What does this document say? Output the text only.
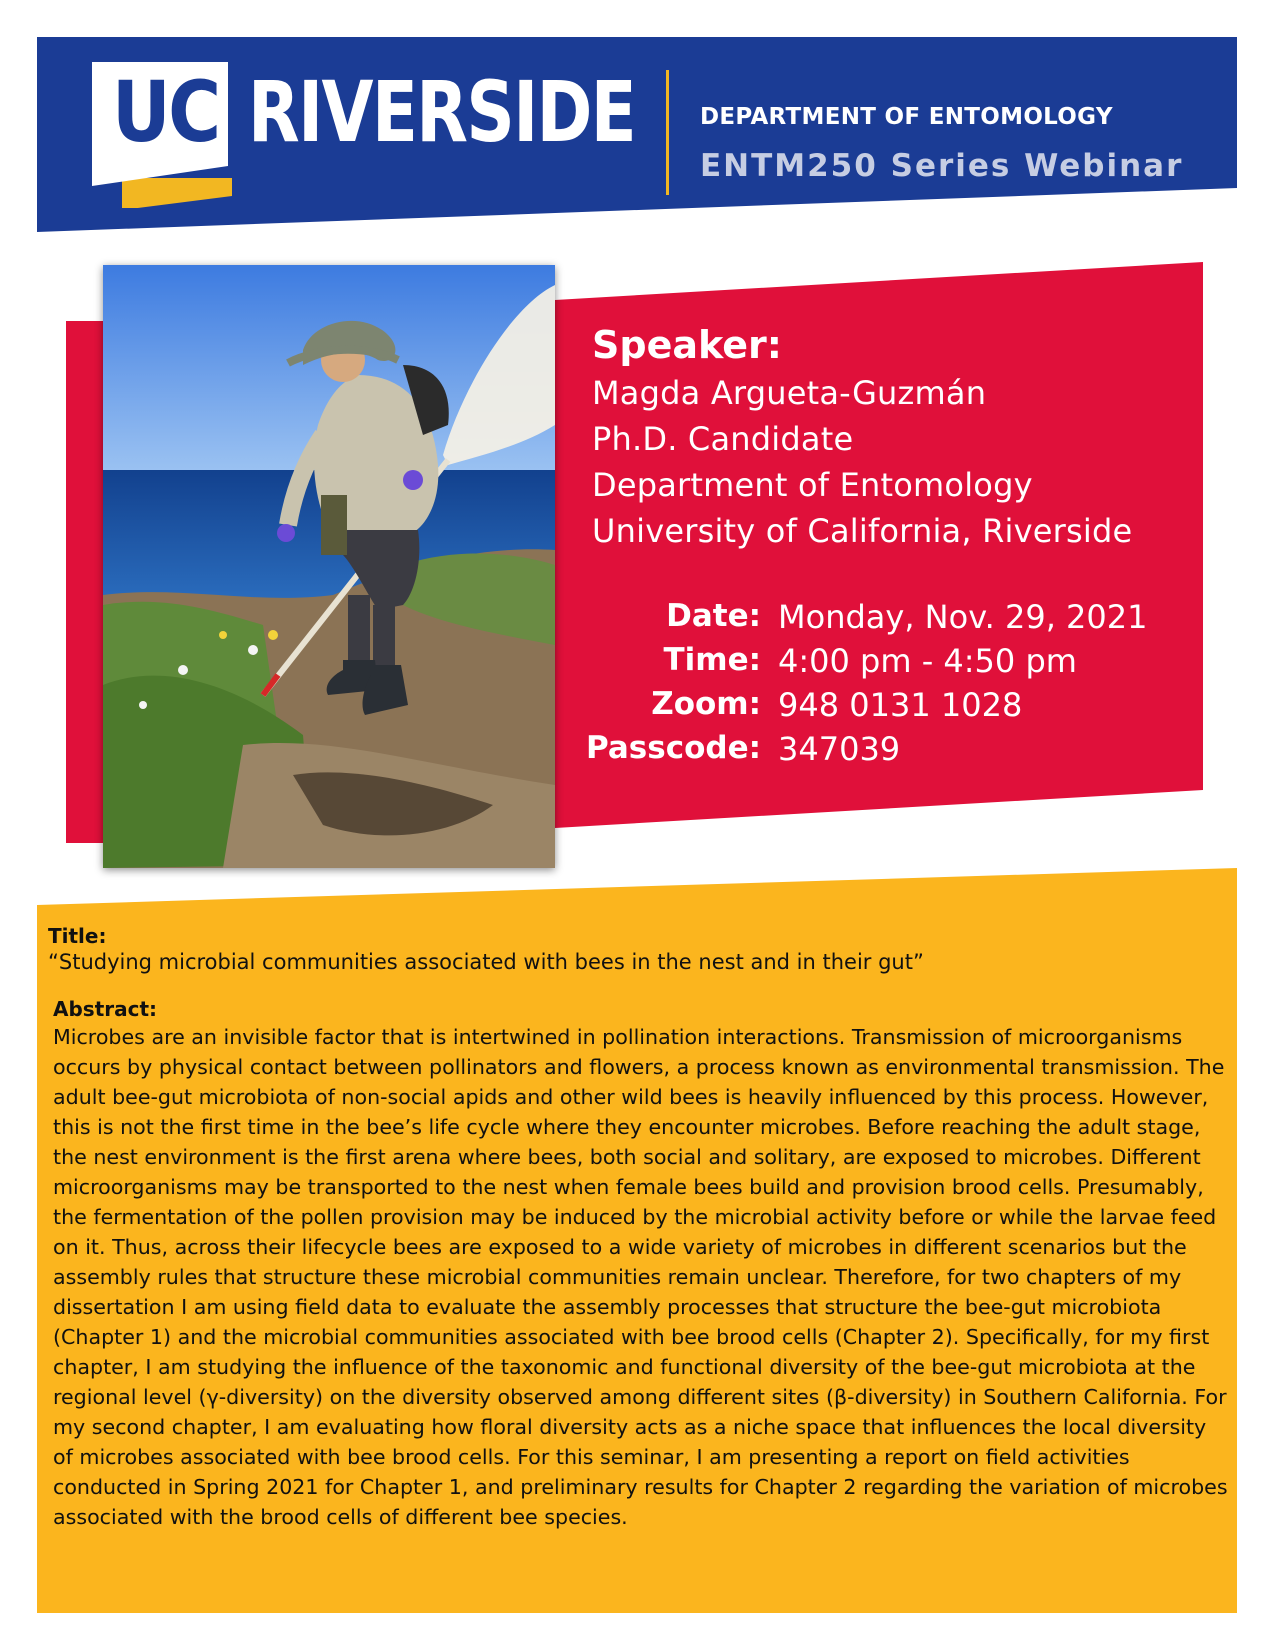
UC RIVERSIDE	DEPARTMENT OF ENTOMOLOGY
ENTM250 Series Webinar

Speaker:

Magda Argueta-Guzmán

Ph.D. Candidate

Department of Entomology

University of California, Riverside

Date: Monday, Nov. 29, 2021
Time: 4:00 pm - 4:50 pm
Zoom: 948 0131 1028
Passcode: 347039

Title:

“Studying microbial communities associated with bees in the nest and in their gut”

Abstract:

Microbes are an invisible factor that is intertwined in pollination interactions. Transmission of microorganisms occurs by physical contact between pollinators and flowers, a process known as environmental transmission. The adult bee-gut microbiota of non-social apids and other wild bees is heavily influenced by this process. However, this is not the first time in the bee’s life cycle where they encounter microbes. Before reaching the adult stage, the nest environment is the first arena where bees, both social and solitary, are exposed to microbes. Different microorganisms may be transported to the nest when female bees build and provision brood cells. Presumably, the fermentation of the pollen provision may be induced by the microbial activity before or while the larvae feed on it. Thus, across their lifecycle bees are exposed to a wide variety of microbes in different scenarios but the assembly rules that structure these microbial communities remain unclear. Therefore, for two chapters of my dissertation I am using field data to evaluate the assembly processes that structure the bee-gut microbiota (Chapter 1) and the microbial communities associated with bee brood cells (Chapter 2). Specifically, for my first chapter, I am studying the influence of the taxonomic and functional diversity of the bee-gut microbiota at the regional level (γ-diversity) on the diversity observed among different sites (β-diversity) in Southern California. For my second chapter, I am evaluating how floral diversity acts as a niche space that influences the local diversity of microbes associated with bee brood cells. For this seminar, I am presenting a report on field activities conducted in Spring 2021 for Chapter 1, and preliminary results for Chapter 2 regarding the variation of microbes associated with the brood cells of different bee species.
